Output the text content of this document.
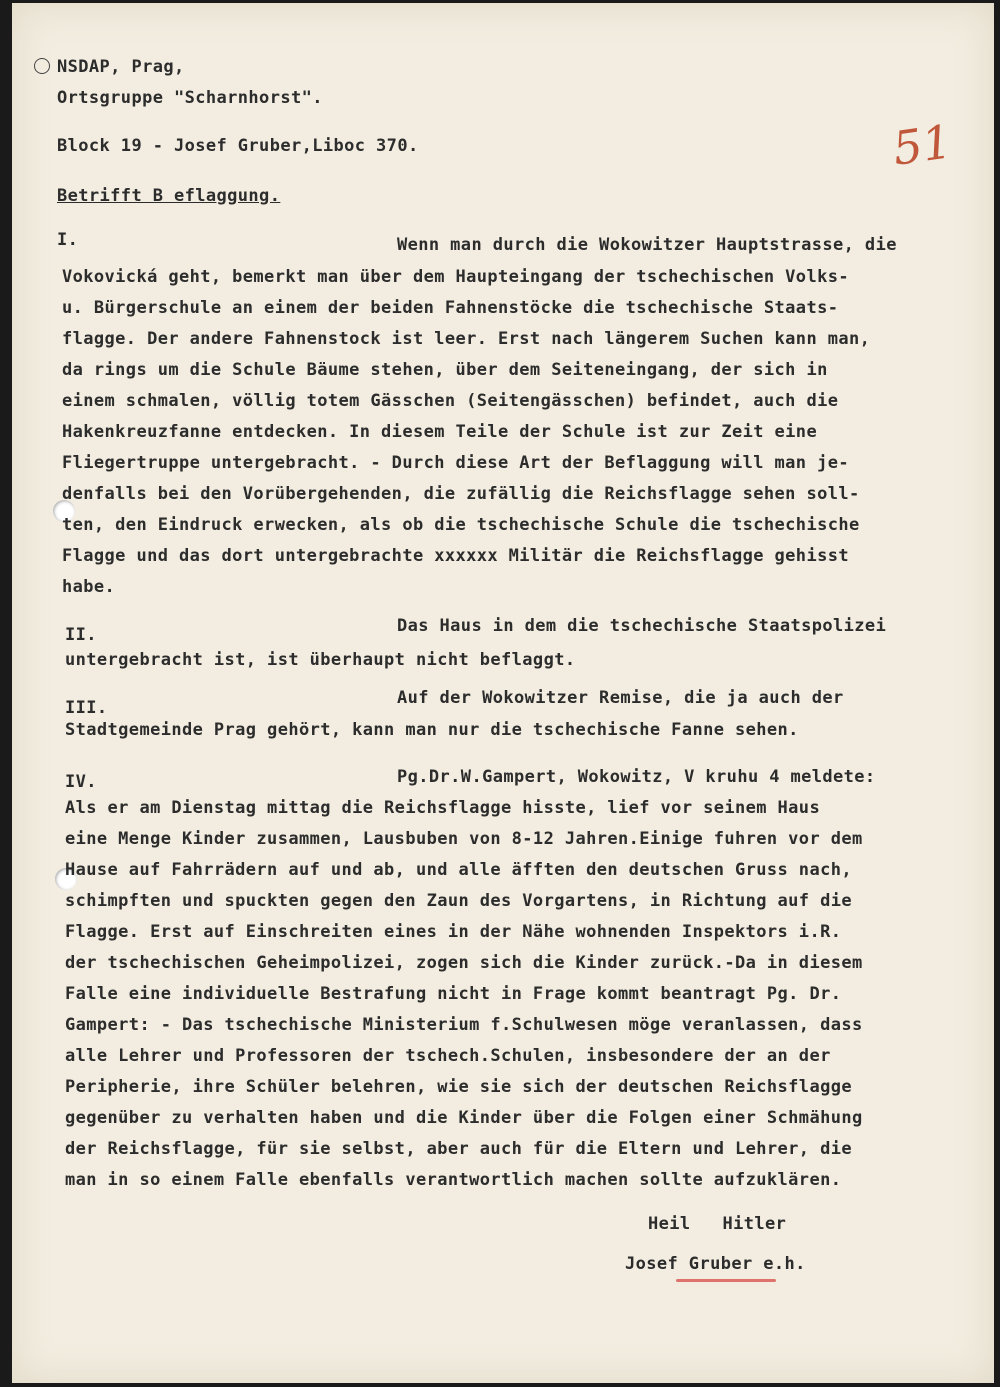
51
NSDAP, Prag,
Ortsgruppe "Scharnhorst".
Block 19 - Josef Gruber,Liboc 370.
Betrifft B eflaggung.
I.	Wenn man durch die Wokowitzer Hauptstrasse, die
Vokovická geht, bemerkt man über dem Haupteingang der tschechischen Volks-
u. Bürgerschule an einem der beiden Fahnenstöcke die tschechische Staats-
flagge. Der andere Fahnenstock ist leer. Erst nach längerem Suchen kann man,
da rings um die Schule Bäume stehen, über dem Seiteneingang, der sich in
einem schmalen, völlig totem Gässchen (Seitengässchen) befindet, auch die
Hakenkreuzfanne entdecken. In diesem Teile der Schule ist zur Zeit eine
Fliegertruppe untergebracht. - Durch diese Art der Beflaggung will man je-
denfalls bei den Vorübergehenden, die zufällig die Reichsflagge sehen soll-
ten, den Eindruck erwecken, als ob die tschechische Schule die tschechische
Flagge und das dort untergebrachte xxxxxx Militär die Reichsflagge gehisst
habe.
II.	Das Haus in dem die tschechische Staatspolizei
untergebracht ist, ist überhaupt nicht beflaggt.
III.	Auf der Wokowitzer Remise, die ja auch der
Stadtgemeinde Prag gehört, kann man nur die tschechische Fanne sehen.
IV.	Pg.Dr.W.Gampert, Wokowitz, V kruhu 4 meldete:
Als er am Dienstag mittag die Reichsflagge hisste, lief vor seinem Haus
eine Menge Kinder zusammen, Lausbuben von 8-12 Jahren.Einige fuhren vor dem
Hause auf Fahrrädern auf und ab, und alle äfften den deutschen Gruss nach,
schimpften und spuckten gegen den Zaun des Vorgartens, in Richtung auf die
Flagge. Erst auf Einschreiten eines in der Nähe wohnenden Inspektors i.R.
der tschechischen Geheimpolizei, zogen sich die Kinder zurück.-Da in diesem
Falle eine individuelle Bestrafung nicht in Frage kommt beantragt Pg. Dr.
Gampert: - Das tschechische Ministerium f.Schulwesen möge veranlassen, dass
alle Lehrer und Professoren der tschech.Schulen, insbesondere der an der
Peripherie, ihre Schüler belehren, wie sie sich der deutschen Reichsflagge
gegenüber zu verhalten haben und die Kinder über die Folgen einer Schmähung
der Reichsflagge, für sie selbst, aber auch für die Eltern und Lehrer, die
man in so einem Falle ebenfalls verantwortlich machen sollte aufzuklären.
Heil   Hitler
Josef Gruber e.h.
